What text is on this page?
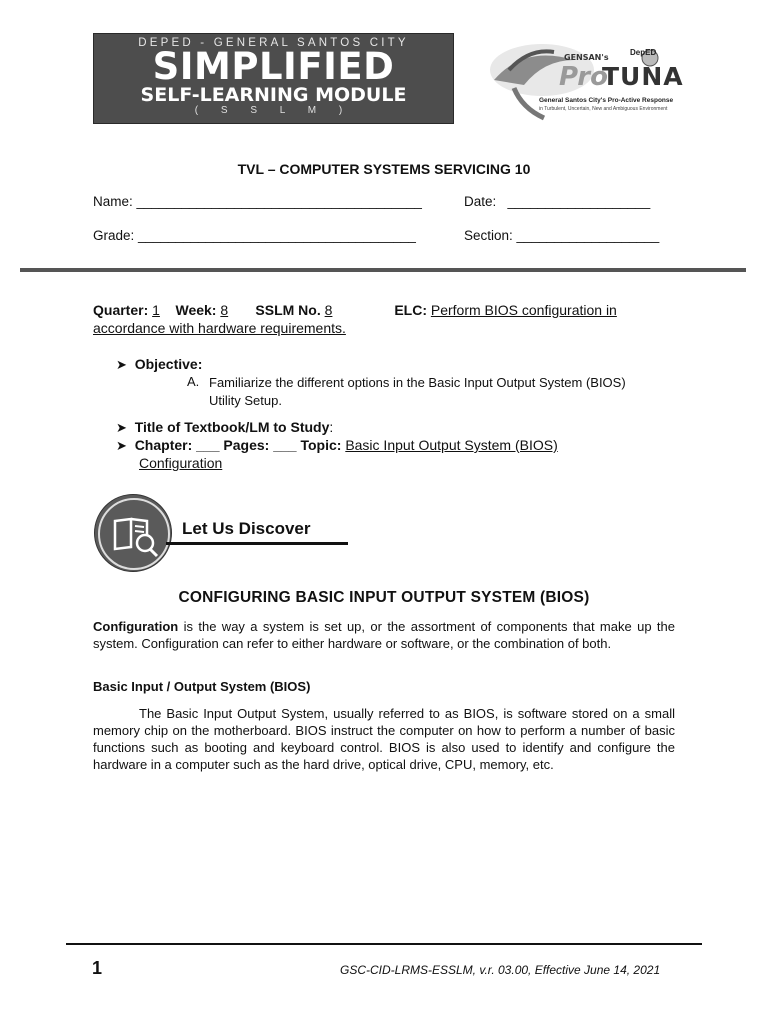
DEPED - GENERAL SANTOS CITY
SIMPLIFIED
SELF-LEARNING MODULE
( S S L M )
DepED
GENSAN's
Pro
TUNA
General Santos City's Pro-Active Response
in Turbulent, Uncertain, New and Ambiguous Environment
TVL – COMPUTER SYSTEMS SERVICING 10
Name: ______________________________________	Date: ___________________
Grade: _____________________________________	Section: ___________________
Quarter: 1 Week: 8 SSLM No. 8	ELC: Perform BIOS configuration in
accordance with hardware requirements.
➤ Objective:
A. Familiarize the different options in the Basic Input Output System (BIOS)
Utility Setup.
➤ Title of Textbook/LM to Study:
➤ Chapter: ___ Pages: ___ Topic: Basic Input Output System (BIOS)
Configuration
Let Us Discover
CONFIGURING BASIC INPUT OUTPUT SYSTEM (BIOS)

Configuration is the way a system is set up, or the assortment of components that make up the system. Configuration can refer to either hardware or software, or the combination of both.

Basic Input / Output System (BIOS)

The Basic Input Output System, usually referred to as BIOS, is software stored on a small memory chip on the motherboard. BIOS instruct the computer on how to perform a number of basic functions such as booting and keyboard control. BIOS is also used to identify and configure the hardware in a computer such as the hard drive, optical drive, CPU, memory, etc.

1	GSC-CID-LRMS-ESSLM, v.r. 03.00, Effective June 14, 2021
